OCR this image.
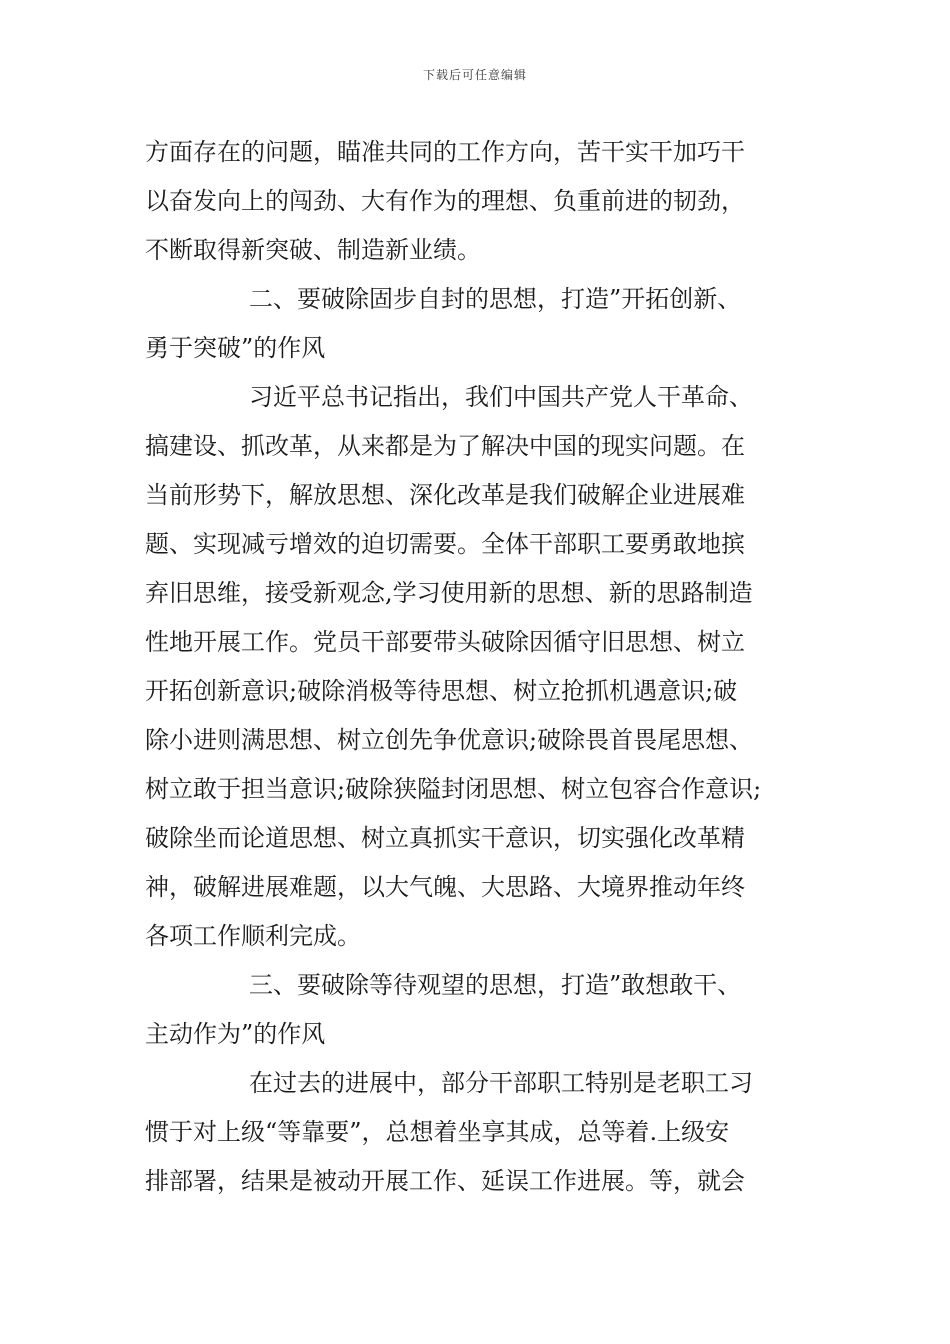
下载后可任意编辑
方面存在的问题，瞄准共同的工作方向，苦干实干加巧干
以奋发向上的闯劲、大有作为的理想、负重前进的韧劲，
不断取得新突破、制造新业绩。
二、要破除固步自封的思想，打造”开拓创新、
勇于突破”的作风
习近平总书记指出，我们中国共产党人干革命、
搞建设、抓改革，从来都是为了解决中国的现实问题。在
当前形势下，解放思想、深化改革是我们破解企业进展难
题、实现减亏增效的迫切需要。全体干部职工要勇敢地摈
弃旧思维，接受新观念,学习使用新的思想、新的思路制造
性地开展工作。党员干部要带头破除因循守旧思想、树立
开拓创新意识;破除消极等待思想、树立抢抓机遇意识;破
除小进则满思想、树立创先争优意识;破除畏首畏尾思想、
树立敢于担当意识;破除狭隘封闭思想、树立包容合作意识;
破除坐而论道思想、树立真抓实干意识，切实强化改革精
神，破解进展难题，以大气魄、大思路、大境界推动年终
各项工作顺利完成。
三、要破除等待观望的思想，打造”敢想敢干、
主动作为”的作风
在过去的进展中，部分干部职工特别是老职工习
惯于对上级“等靠要”，总想着坐享其成，总等着.上级安
排部署，结果是被动开展工作、延误工作进展。等，就会
